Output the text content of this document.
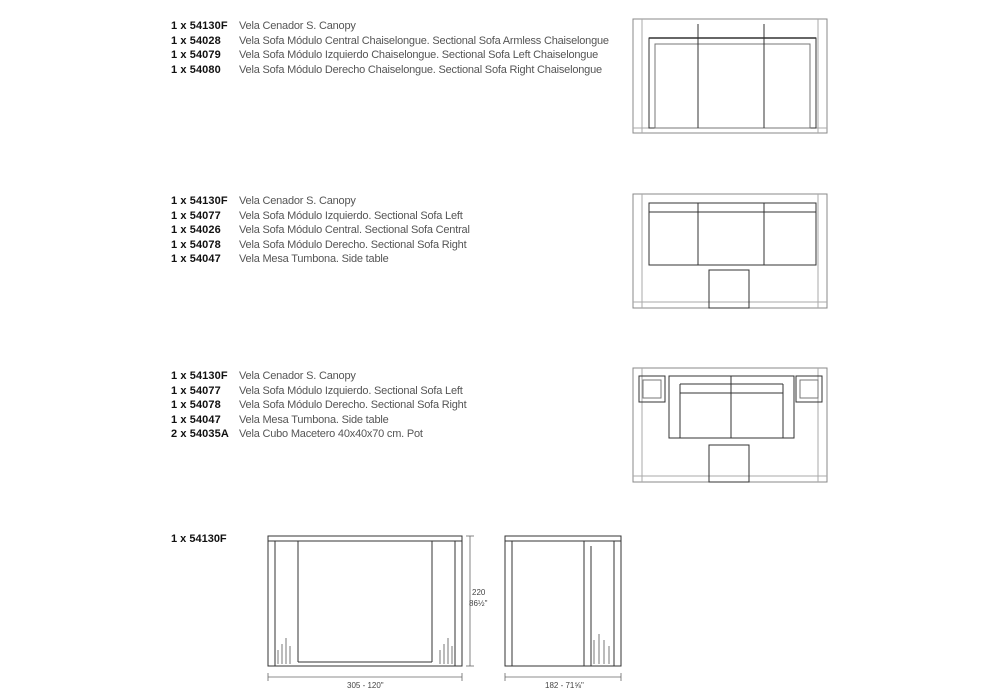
1 x 54130F Vela Cenador S. Canopy
1 x 54028 Vela Sofa Módulo Central Chaiselongue. Sectional Sofa Armless Chaiselongue
1 x 54079 Vela Sofa Módulo Izquierdo Chaiselongue. Sectional Sofa Left Chaiselongue
1 x 54080 Vela Sofa Módulo Derecho Chaiselongue. Sectional Sofa Right Chaiselongue
1 x 54130F Vela Cenador S. Canopy
1 x 54077 Vela Sofa Módulo Izquierdo. Sectional Sofa Left
1 x 54026 Vela Sofa Módulo Central. Sectional Sofa Central
1 x 54078 Vela Sofa Módulo Derecho. Sectional Sofa Right
1 x 54047 Vela Mesa Tumbona. Side table
1 x 54130F Vela Cenador S. Canopy
1 x 54077 Vela Sofa Módulo Izquierdo. Sectional Sofa Left
1 x 54078 Vela Sofa Módulo Derecho. Sectional Sofa Right
1 x 54047 Vela Mesa Tumbona. Side table
2 x 54035A Vela Cubo Macetero 40x40x70 cm. Pot
1 x 54130F
220
86½"
305 - 120"	182 - 71⅝"
